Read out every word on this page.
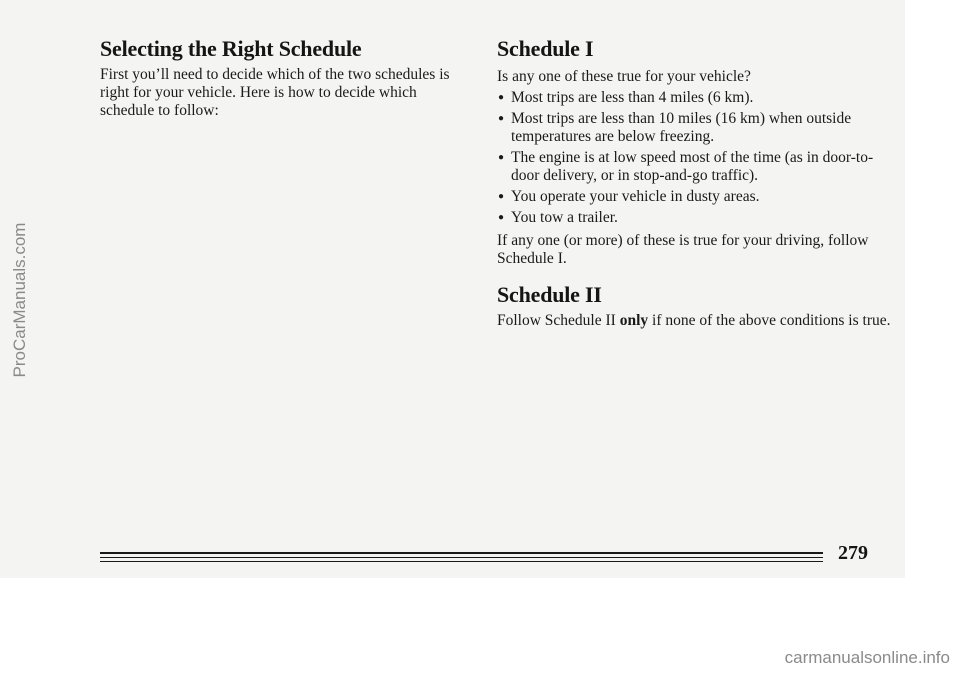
Selecting the Right Schedule

First you’ll need to decide which of the two schedules is right for your vehicle. Here is how to decide which schedule to follow:

Schedule I

Is any one of these true for your vehicle?

● Most trips are less than 4 miles (6 km).
● Most trips are less than 10 miles (16 km) when outside temperatures are below freezing.
● The engine is at low speed most of the time (as in door-to-door delivery, or in stop-and-go traffic).
● You operate your vehicle in dusty areas.
● You tow a trailer.

If any one (or more) of these is true for your driving, follow Schedule I.

Schedule II

Follow Schedule II only if none of the above conditions is true.

279
ProCarManuals.com
carmanualsonline.info
